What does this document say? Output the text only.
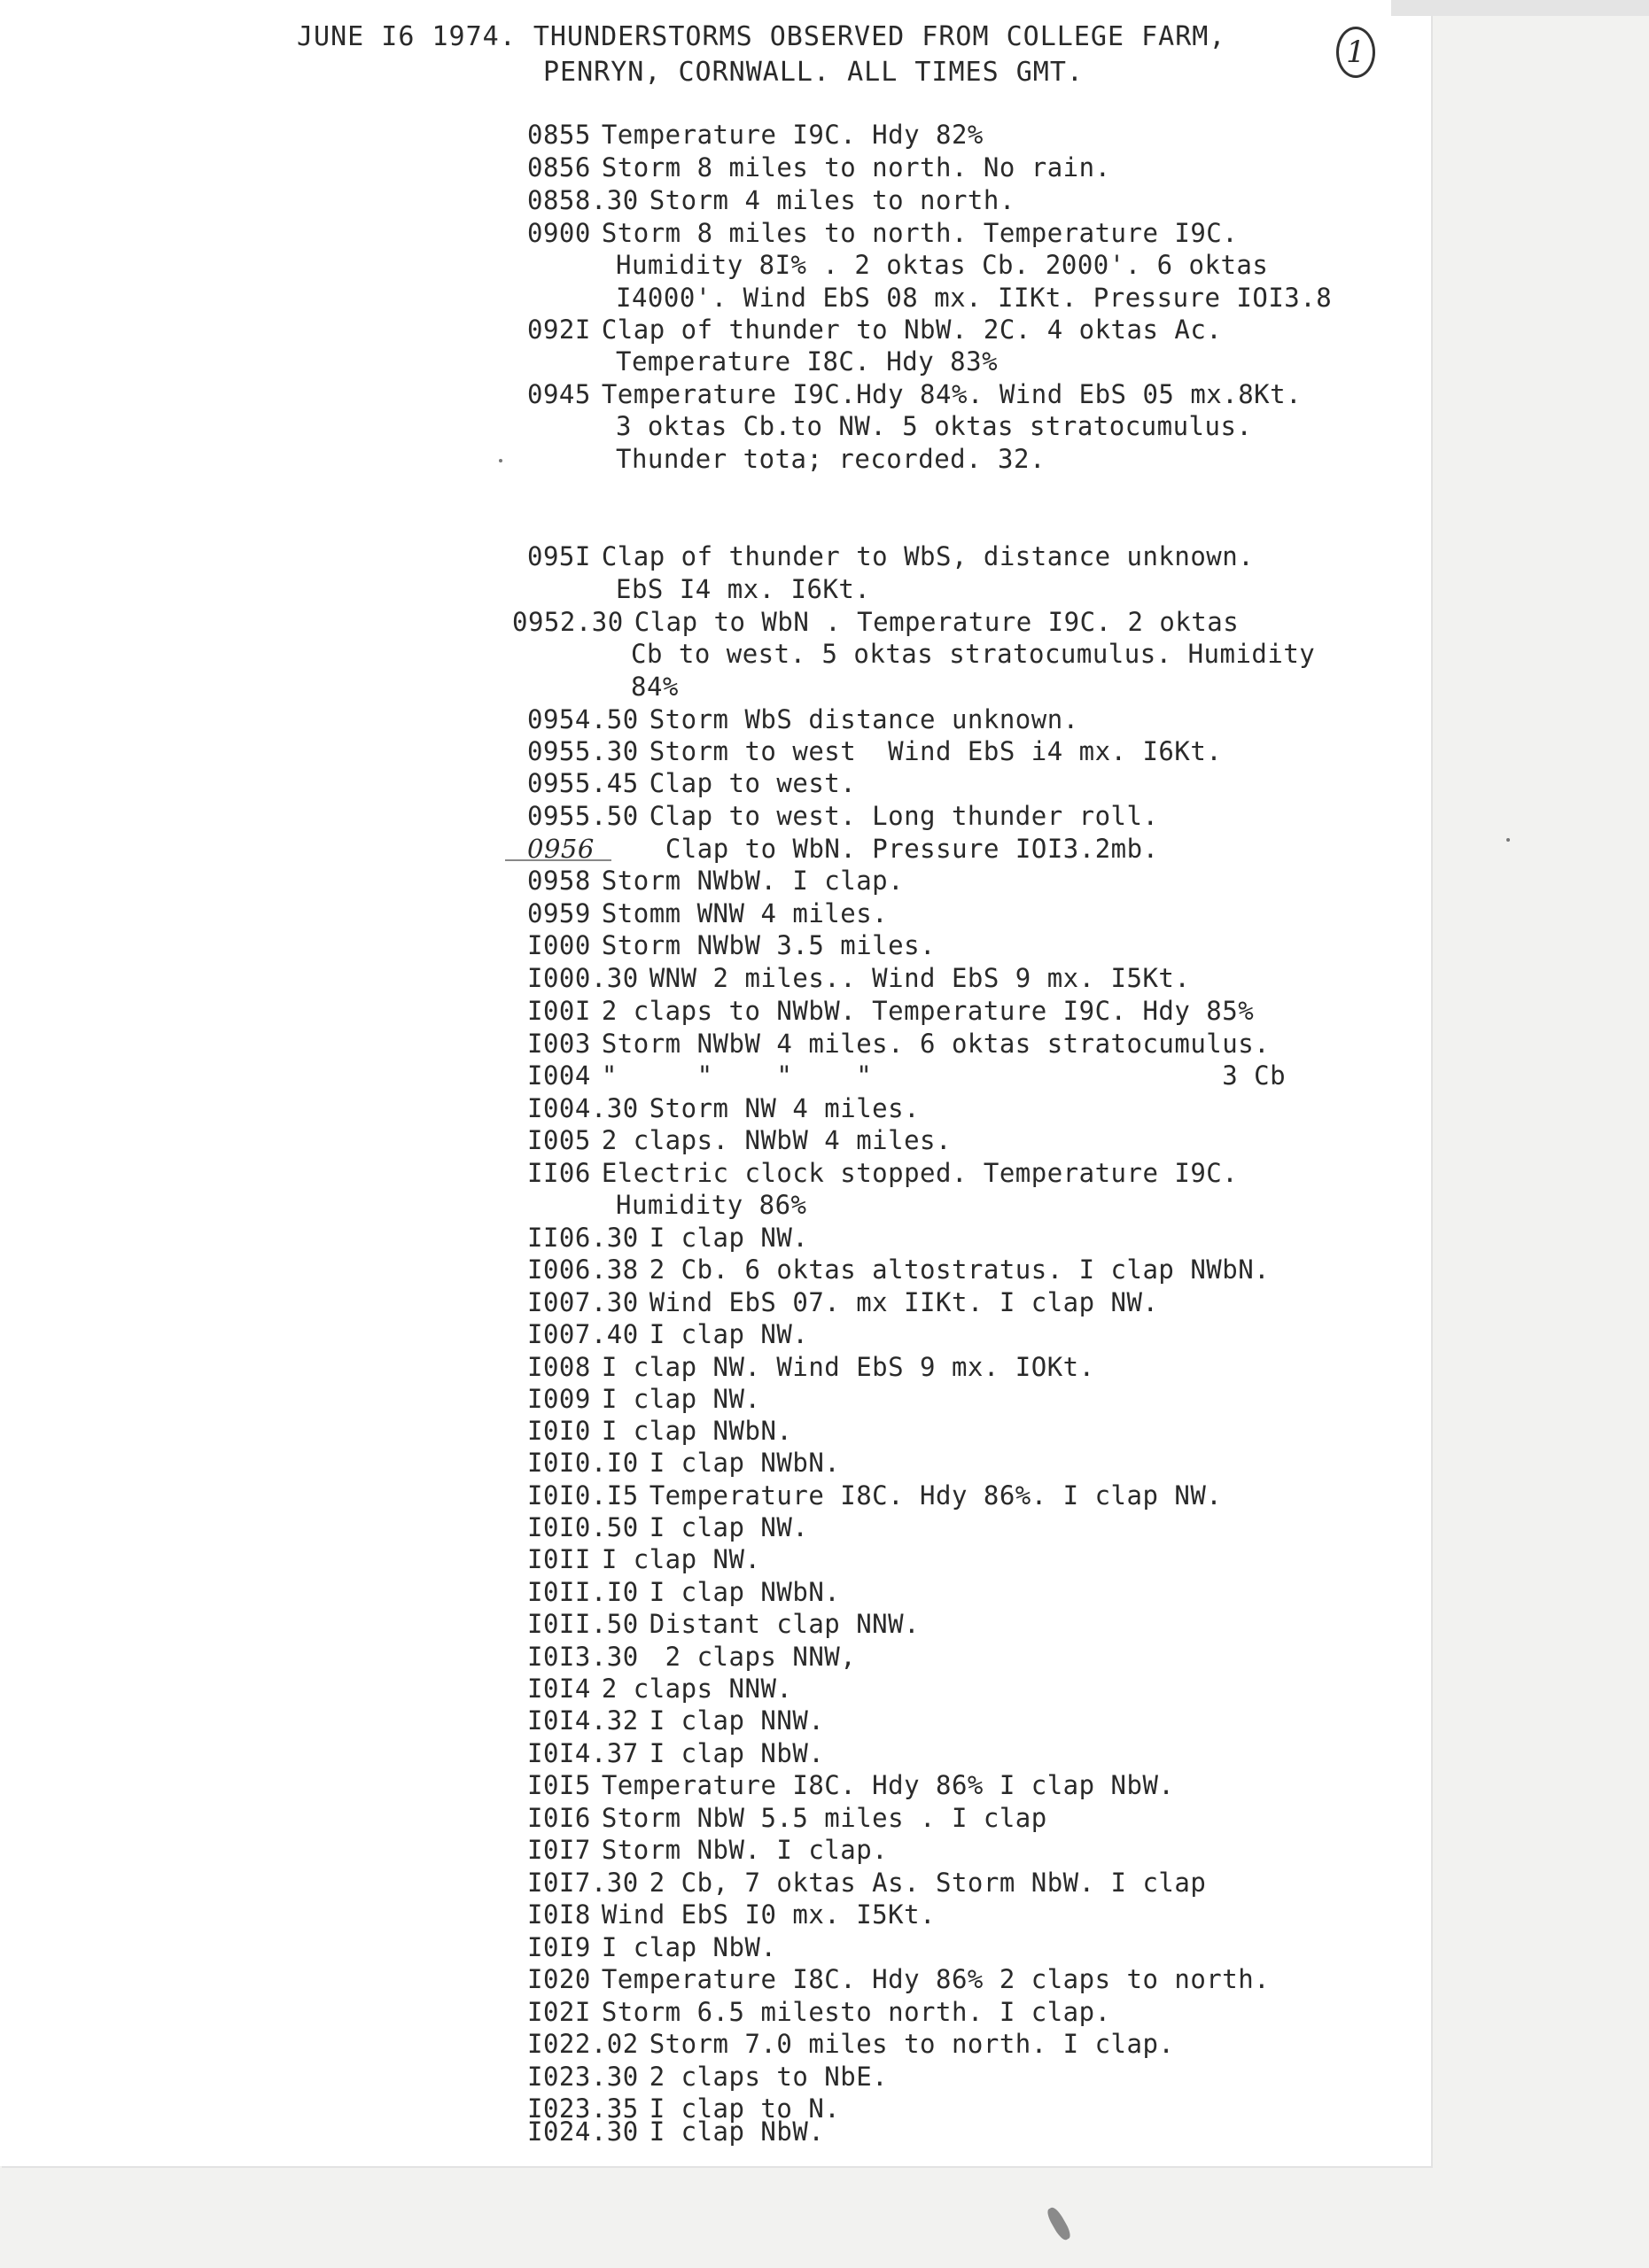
JUNE I6 1974. THUNDERSTORMS OBSERVED FROM COLLEGE FARM,

PENRYN, CORNWALL. ALL TIMES GMT.

1
0855 Temperature I9C. Hdy 82%
0856 Storm 8 miles to north. No rain.
0858.30 Storm 4 miles to north.
0900 Storm 8 miles to north. Temperature I9C.
Humidity 8I% . 2 oktas Cb. 2000'. 6 oktas
I4000'. Wind EbS 08 mx. IIKt. Pressure IOI3.8
092I Clap of thunder to NbW. 2C. 4 oktas Ac.
Temperature I8C. Hdy 83%
0945 Temperature I9C.Hdy 84%. Wind EbS 05 mx.8Kt.
3 oktas Cb.to NW. 5 oktas stratocumulus.
Thunder tota; recorded. 32.
095I Clap of thunder to WbS, distance unknown.
EbS I4 mx. I6Kt.
0952.30 Clap to WbN . Temperature I9C. 2 oktas
Cb to west. 5 oktas stratocumulus. Humidity
84%
0954.50 Storm WbS distance unknown.
0955.30 Storm to west  Wind EbS i4 mx. I6Kt.
0955.45 Clap to west.
0955.50 Clap to west. Long thunder roll.
0956	Clap to WbN. Pressure IOI3.2mb.
0958 Storm NWbW. I clap.
0959 Stomm WNW 4 miles.
I000 Storm NWbW 3.5 miles.
I000.30 WNW 2 miles.. Wind EbS 9 mx. I5Kt.
I00I 2 claps to NWbW. Temperature I9C. Hdy 85%
I003 Storm NWbW 4 miles. 6 oktas stratocumulus.
I004 "     "    "    "                      3 Cb
I004.30 Storm NW 4 miles.
I005 2 claps. NWbW 4 miles.
II06 Electric clock stopped. Temperature I9C.
Humidity 86%
II06.30 I clap NW.
I006.38 2 Cb. 6 oktas altostratus. I clap NWbN.
I007.30 Wind EbS 07. mx IIKt. I clap NW.
I007.40 I clap NW.
I008 I clap NW. Wind EbS 9 mx. IOKt.
I009 I clap NW.
I0I0 I clap NWbN.
I0I0.I0 I clap NWbN.
I0I0.I5 Temperature I8C. Hdy 86%. I clap NW.
I0I0.50 I clap NW.
I0II I clap NW.
I0II.I0 I clap NWbN.
I0II.50 Distant clap NNW.
I0I3.30 2 claps NNW,
I0I4 2 claps NNW.
I0I4.32 I clap NNW.
I0I4.37 I clap NbW.
I0I5 Temperature I8C. Hdy 86% I clap NbW.
I0I6 Storm NbW 5.5 miles . I clap
I0I7 Storm NbW. I clap.
I0I7.30 2 Cb, 7 oktas As. Storm NbW. I clap
I0I8 Wind EbS I0 mx. I5Kt.
I0I9 I clap NbW.
I020 Temperature I8C. Hdy 86% 2 claps to north.
I02I Storm 6.5 milesto north. I clap.
I022.02 Storm 7.0 miles to north. I clap.
I023.30 2 claps to NbE.
I023.35 I clap to N.
I024.30 I clap NbW.
